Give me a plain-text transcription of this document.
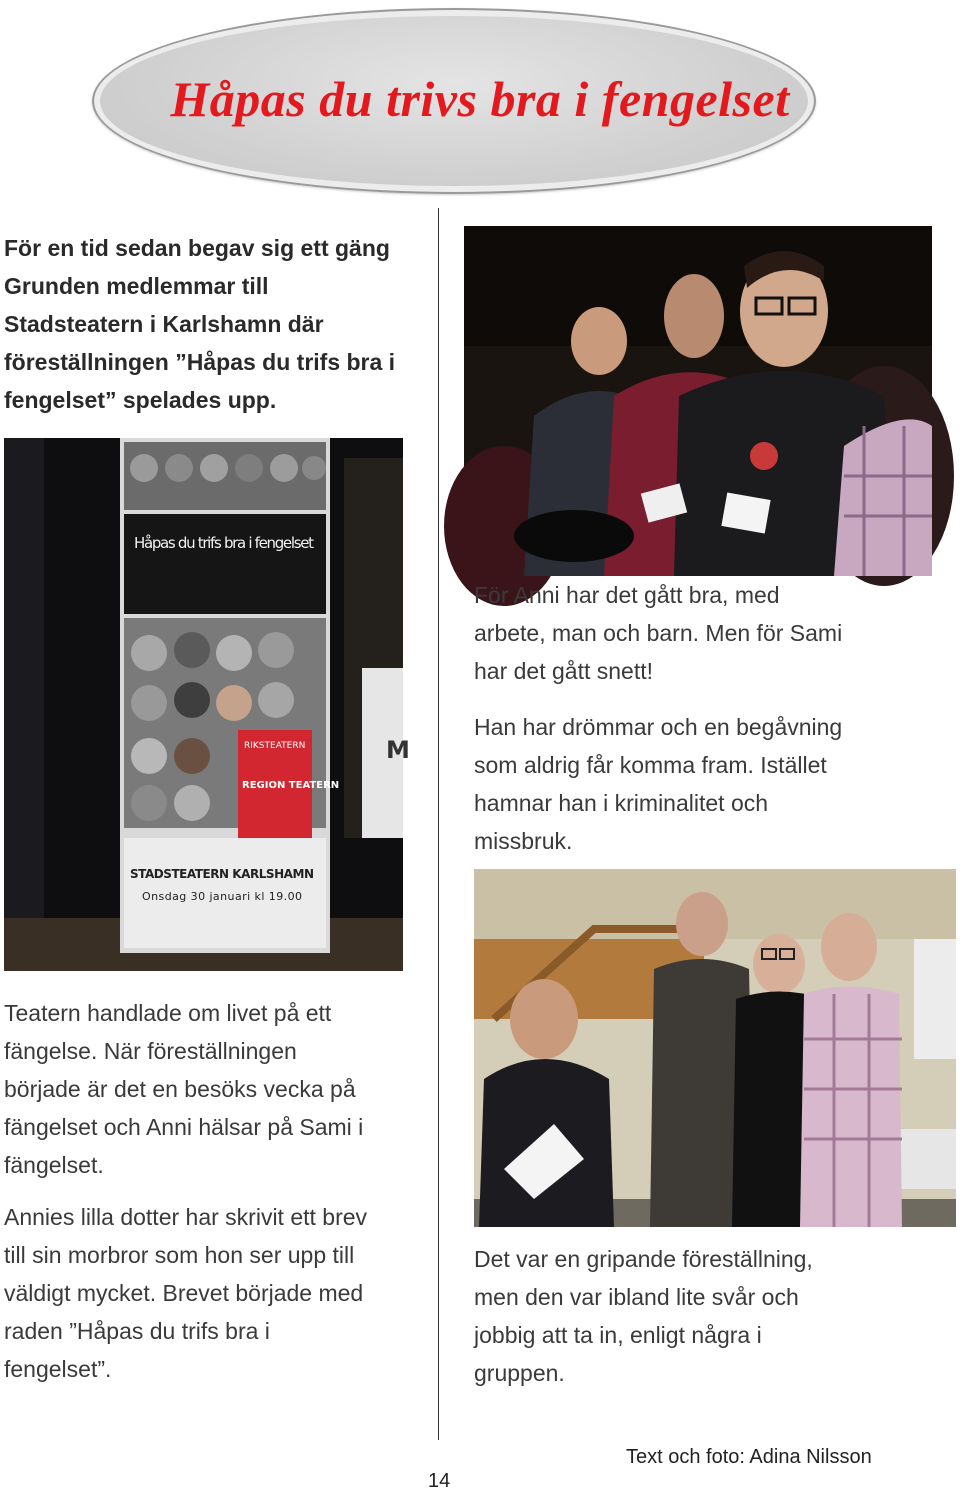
Håpas du trivs bra i fengelset

För en tid sedan begav sig ett gäng

Grunden medlemmar till

Stadsteatern i Karlshamn där

föreställningen ”Håpas du trifs bra i

fengelset” spelades upp.

Håpas du trifs bra i fengelset
RIKSTEATERN
REGION TEATERN
STADSTEATERN KARLSHAMN
Onsdag 30 januari kl 19.00
M

För Anni har det gått bra, med

arbete, man och barn. Men för Sami

har det gått snett!

Han har drömmar och en begåvning

som aldrig får komma fram. Istället

hamnar han i kriminalitet och

missbruk.

Teatern handlade om livet på ett

fängelse. När föreställningen

började är det en besöks vecka på

fängelset och Anni hälsar på Sami i

fängelset.

Annies lilla dotter har skrivit ett brev

till sin morbror som hon ser upp till

väldigt mycket. Brevet började med

raden ”Håpas du trifs bra i

fengelset”.

Det var en gripande föreställning,

men den var ibland lite svår och

jobbig att ta in, enligt några i

gruppen.

14
Text och foto: Adina Nilsson
